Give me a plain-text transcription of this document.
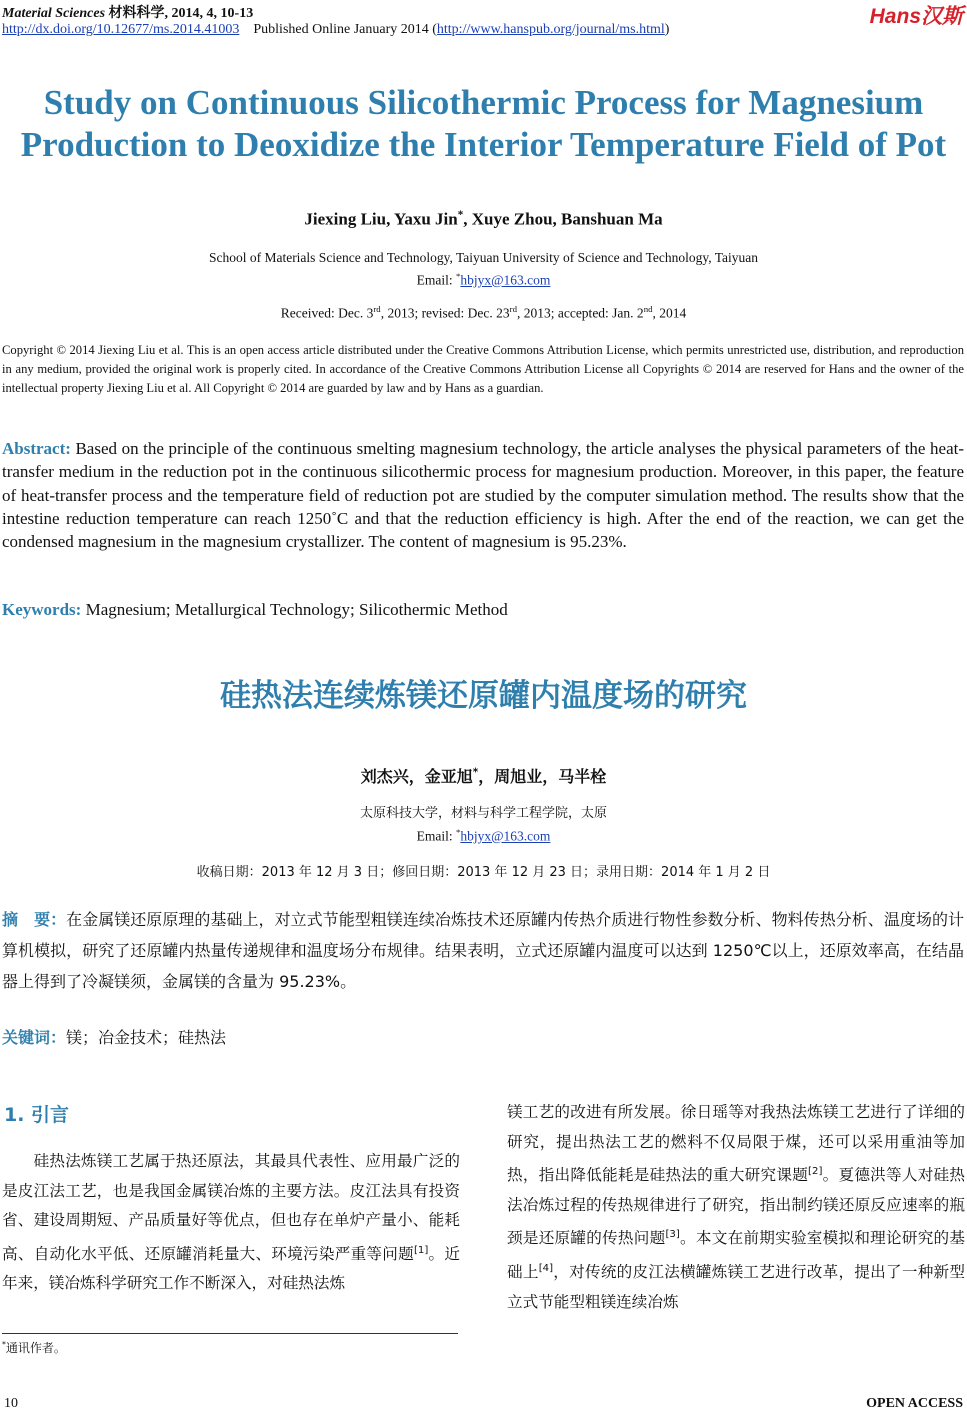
Material Sciences 材料科学, 2014, 4, 10-13
http://dx.doi.org/10.12677/ms.2014.41003 Published Online January 2014 (http://www.hanspub.org/journal/ms.html)
Hans汉斯
Study on Continuous Silicothermic Process for Magnesium Production to Deoxidize the Interior Temperature Field of Pot
Jiexing Liu, Yaxu Jin*, Xuye Zhou, Banshuan Ma
School of Materials Science and Technology, Taiyuan University of Science and Technology, Taiyuan
Email: *hbjyx@163.com
Received: Dec. 3rd, 2013; revised: Dec. 23rd, 2013; accepted: Jan. 2nd, 2014
Copyright © 2014 Jiexing Liu et al. This is an open access article distributed under the Creative Commons Attribution License, which permits unrestricted use, distribution, and reproduction in any medium, provided the original work is properly cited. In accordance of the Creative Commons Attribution License all Copyrights © 2014 are reserved for Hans and the owner of the intellectual property Jiexing Liu et al. All Copyright © 2014 are guarded by law and by Hans as a guardian.
Abstract: Based on the principle of the continuous smelting magnesium technology, the article analyses the physical parameters of the heat-transfer medium in the reduction pot in the continuous silicothermic process for magnesium production. Moreover, in this paper, the feature of heat-transfer process and the temperature field of reduction pot are studied by the computer simulation method. The results show that the intestine reduction temperature can reach 1250˚C and that the reduction efficiency is high. After the end of the reaction, we can get the condensed magnesium in the magnesium crystallizer. The content of magnesium is 95.23%.
Keywords: Magnesium; Metallurgical Technology; Silicothermic Method
硅热法连续炼镁还原罐内温度场的研究
刘杰兴，金亚旭*，周旭业，马半栓
太原科技大学，材料与科学工程学院，太原
Email: *hbjyx@163.com
收稿日期：2013 年 12 月 3 日；修回日期：2013 年 12 月 23 日；录用日期：2014 年 1 月 2 日
摘　要：在金属镁还原原理的基础上，对立式节能型粗镁连续冶炼技术还原罐内传热介质进行物性参数分析、物料传热分析、温度场的计算机模拟，研究了还原罐内热量传递规律和温度场分布规律。结果表明，立式还原罐内温度可以达到 1250℃以上，还原效率高，在结晶器上得到了冷凝镁须，金属镁的含量为 95.23%。
关键词：镁；冶金技术；硅热法
1. 引言
　　硅热法炼镁工艺属于热还原法，其最具代表性、应用最广泛的是皮江法工艺，也是我国金属镁冶炼的主要方法。皮江法具有投资省、建设周期短、产品质量好等优点，但也存在单炉产量小、能耗高、自动化水平低、还原罐消耗量大、环境污染严重等问题[1]。近年来，镁冶炼科学研究工作不断深入，对硅热法炼
镁工艺的改进有所发展。徐日瑶等对我热法炼镁工艺进行了详细的研究，提出热法工艺的燃料不仅局限于煤，还可以采用重油等加热，指出降低能耗是硅热法的重大研究课题[2]。夏德洪等人对硅热法冶炼过程的传热规律进行了研究，指出制约镁还原反应速率的瓶颈是还原罐的传热问题[3]。本文在前期实验室模拟和理论研究的基础上[4]，对传统的皮江法横罐炼镁工艺进行改革，提出了一种新型立式节能型粗镁连续冶炼
*通讯作者。
10	OPEN ACCESS
